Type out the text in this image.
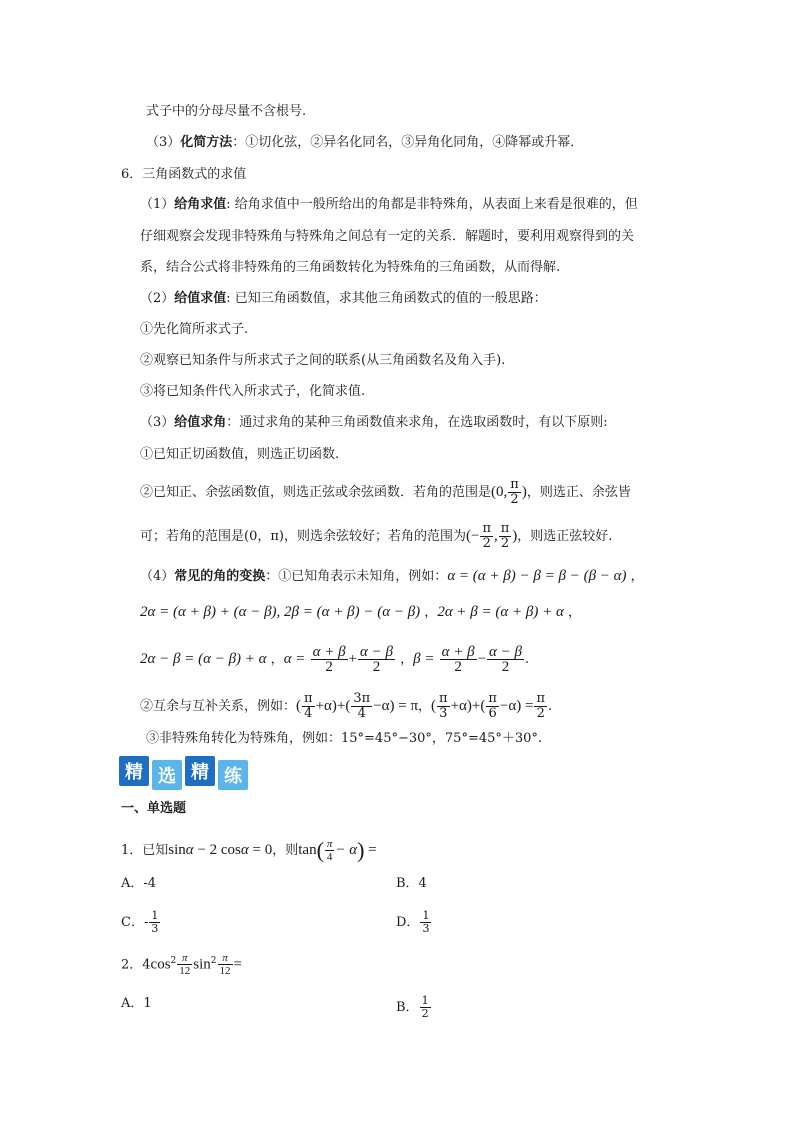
式子中的分母尽量不含根号.
（3）化简方法：①切化弦，②异名化同名，③异角化同角，④降幂或升幂．
6．三角函数式的求值
（1）给角求值: 给角求值中一般所给出的角都是非特殊角，从表面上来看是很难的，但
仔细观察会发现非特殊角与特殊角之间总有一定的关系．解题时，要利用观察得到的关
系，结合公式将非特殊角的三角函数转化为特殊角的三角函数，从而得解.
（2）给值求值: 已知三角函数值，求其他三角函数式的值的一般思路：
①先化简所求式子.
②观察已知条件与所求式子之间的联系(从三角函数名及角入手).
③将已知条件代入所求式子，化简求值.
（3）给值求角：通过求角的某种三角函数值来求角，在选取函数时，有以下原则:
①已知正切函数值，则选正切函数.
②已知正、余弦函数值，则选正弦或余弦函数．若角的范围是(0, $\frac{\pi}{2}$ )，则选正、余弦皆
可；若角的范围是(0，π)，则选余弦较好；若角的范围为(− $\frac{\pi}{2}$ , $\frac{\pi}{2}$ )，则选正弦较好.
（4）常见的角的变换：①已知角表示未知角，例如：α = (α + β) − β = β − (β − α) ，
2α = (α + β) + (α − β), 2β = (α + β) − (α − β) ，2α + β = (α + β) + α ，
2α − β = (α − β) + α ，$\alpha = \frac{\alpha + \beta}{2} + \frac{\alpha - \beta}{2}$ ，$\beta = \frac{\alpha + \beta}{2} - \frac{\alpha - \beta}{2}$ .
②互余与互补关系，例如：( $\frac{\pi}{4} +\alpha)+( \frac{3\pi}{4} -\alpha) = \pi$，( $\frac{\pi}{3} +\alpha)+( \frac{\pi}{6} -\alpha) = \frac{\pi}{2}$ .
③非特殊角转化为特殊角，例如：15°=45°−30°，75°=45°＋30°.
精 选 精 练
一、单选题
1．已知sinα − 2 cosα = 0，则$\tan( \frac{\pi}{4} - \alpha)$ =
A．-4	B．4
C．- $\frac{1}{3}$	D． $\frac{1}{3}$
2．$4\cos^2 \frac{\pi}{12} \sin^2 \frac{\pi}{12}$ =
A．1	B． $\frac{1}{2}$
